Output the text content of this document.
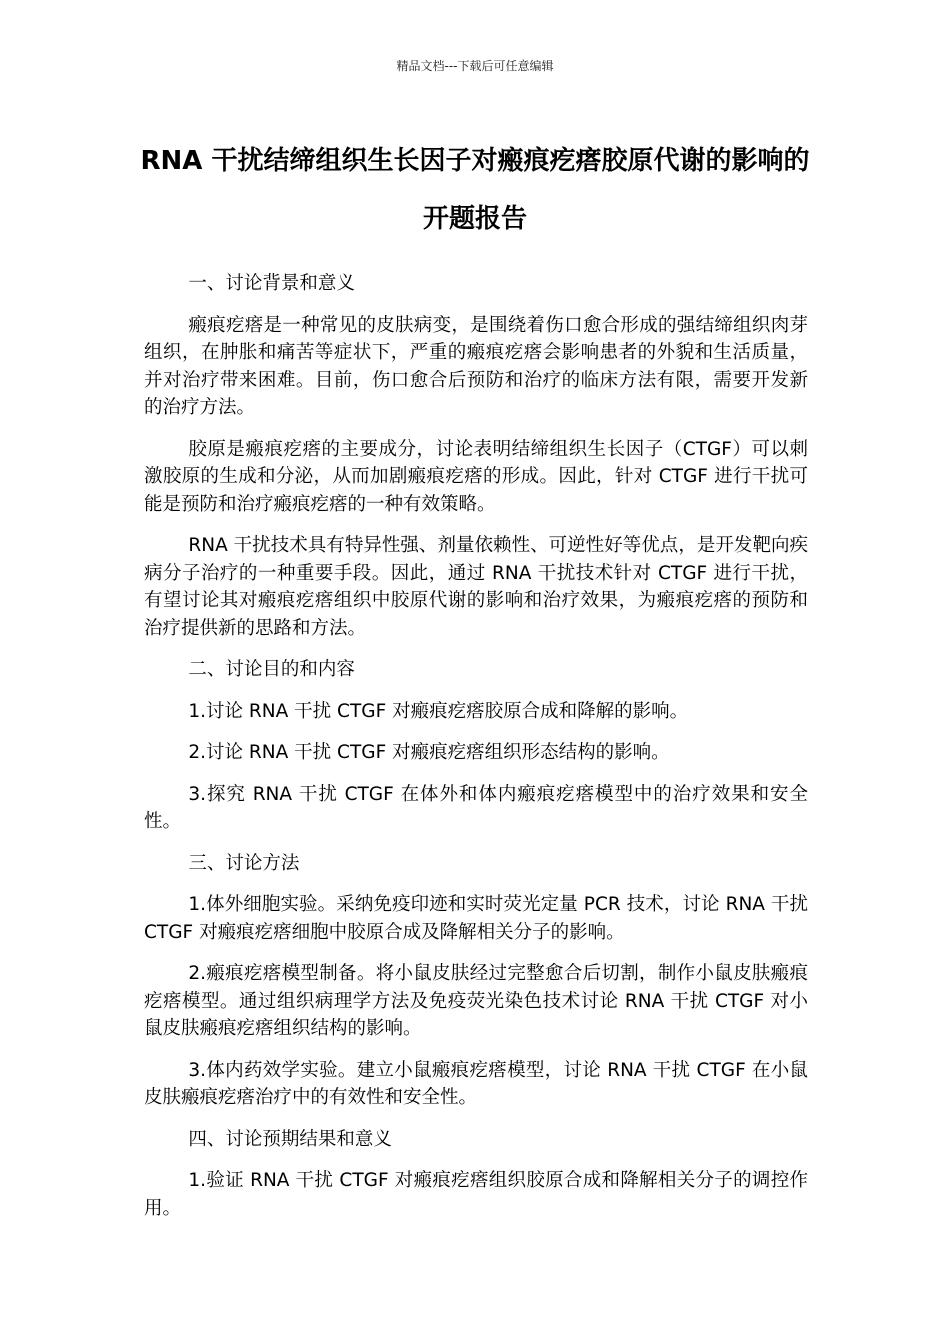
精品文档---下载后可任意编辑
RNA 干扰结缔组织生长因子对瘢痕疙瘩胶原代谢的影响的开题报告

一、讨论背景和意义

瘢痕疙瘩是一种常见的皮肤病变，是围绕着伤口愈合形成的强结缔组织肉芽组织，在肿胀和痛苦等症状下，严重的瘢痕疙瘩会影响患者的外貌和生活质量，并对治疗带来困难。目前，伤口愈合后预防和治疗的临床方法有限，需要开发新的治疗方法。

胶原是瘢痕疙瘩的主要成分，讨论表明结缔组织生长因子（CTGF）可以刺激胶原的生成和分泌，从而加剧瘢痕疙瘩的形成。因此，针对 CTGF 进行干扰可能是预防和治疗瘢痕疙瘩的一种有效策略。

RNA 干扰技术具有特异性强、剂量依赖性、可逆性好等优点，是开发靶向疾病分子治疗的一种重要手段。因此，通过 RNA 干扰技术针对 CTGF 进行干扰，有望讨论其对瘢痕疙瘩组织中胶原代谢的影响和治疗效果，为瘢痕疙瘩的预防和治疗提供新的思路和方法。

二、讨论目的和内容

1.讨论 RNA 干扰 CTGF 对瘢痕疙瘩胶原合成和降解的影响。

2.讨论 RNA 干扰 CTGF 对瘢痕疙瘩组织形态结构的影响。

3.探究 RNA 干扰 CTGF 在体外和体内瘢痕疙瘩模型中的治疗效果和安全性。

三、讨论方法

1.体外细胞实验。采纳免疫印迹和实时荧光定量 PCR 技术，讨论 RNA 干扰 CTGF 对瘢痕疙瘩细胞中胶原合成及降解相关分子的影响。

2.瘢痕疙瘩模型制备。将小鼠皮肤经过完整愈合后切割，制作小鼠皮肤瘢痕疙瘩模型。通过组织病理学方法及免疫荧光染色技术讨论 RNA 干扰 CTGF 对小鼠皮肤瘢痕疙瘩组织结构的影响。

3.体内药效学实验。建立小鼠瘢痕疙瘩模型，讨论 RNA 干扰 CTGF 在小鼠皮肤瘢痕疙瘩治疗中的有效性和安全性。

四、讨论预期结果和意义

1.验证 RNA 干扰 CTGF 对瘢痕疙瘩组织胶原合成和降解相关分子的调控作用。
